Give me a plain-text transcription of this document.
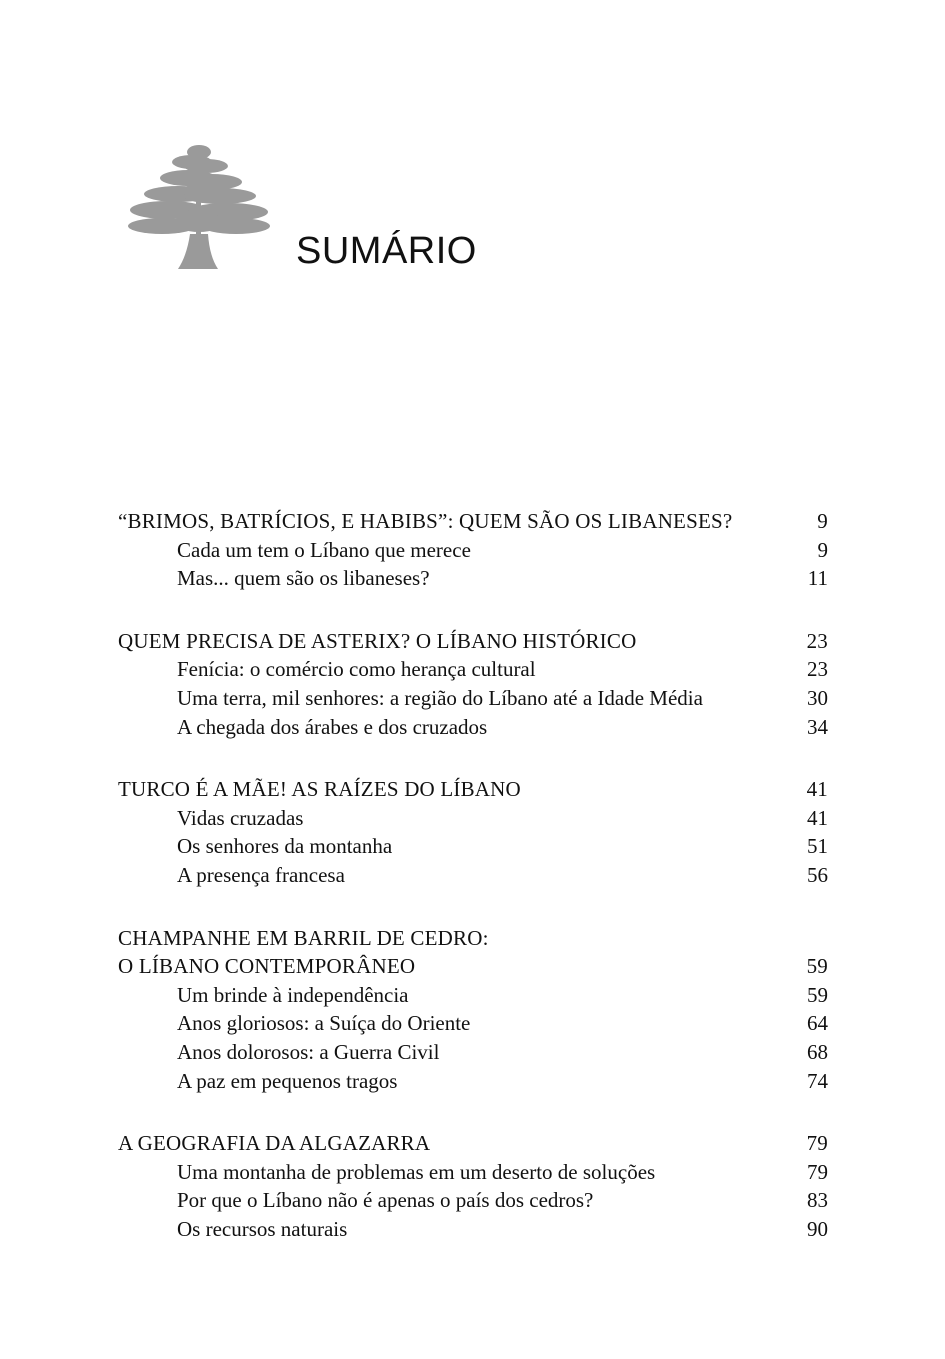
SUMÁRIO
“BRIMOS, BATRÍCIOS, E HABIBS”: QUEM SÃO OS LIBANESES?	9
Cada um tem o Líbano que merece	9
Mas... quem são os libaneses?	11
QUEM PRECISA DE ASTERIX? O LÍBANO HISTÓRICO	23
Fenícia: o comércio como herança cultural	23
Uma terra, mil senhores: a região do Líbano até a Idade Média	30
A chegada dos árabes e dos cruzados	34
TURCO É A MÃE! AS RAÍZES DO LÍBANO	41
Vidas cruzadas	41
Os senhores da montanha	51
A presença francesa	56
CHAMPANHE EM BARRIL DE CEDRO:
O LÍBANO CONTEMPORÂNEO	59
Um brinde à independência	59
Anos gloriosos: a Suíça do Oriente	64
Anos dolorosos: a Guerra Civil	68
A paz em pequenos tragos	74
A GEOGRAFIA DA ALGAZARRA	79
Uma montanha de problemas em um deserto de soluções	79
Por que o Líbano não é apenas o país dos cedros?	83
Os recursos naturais	90
